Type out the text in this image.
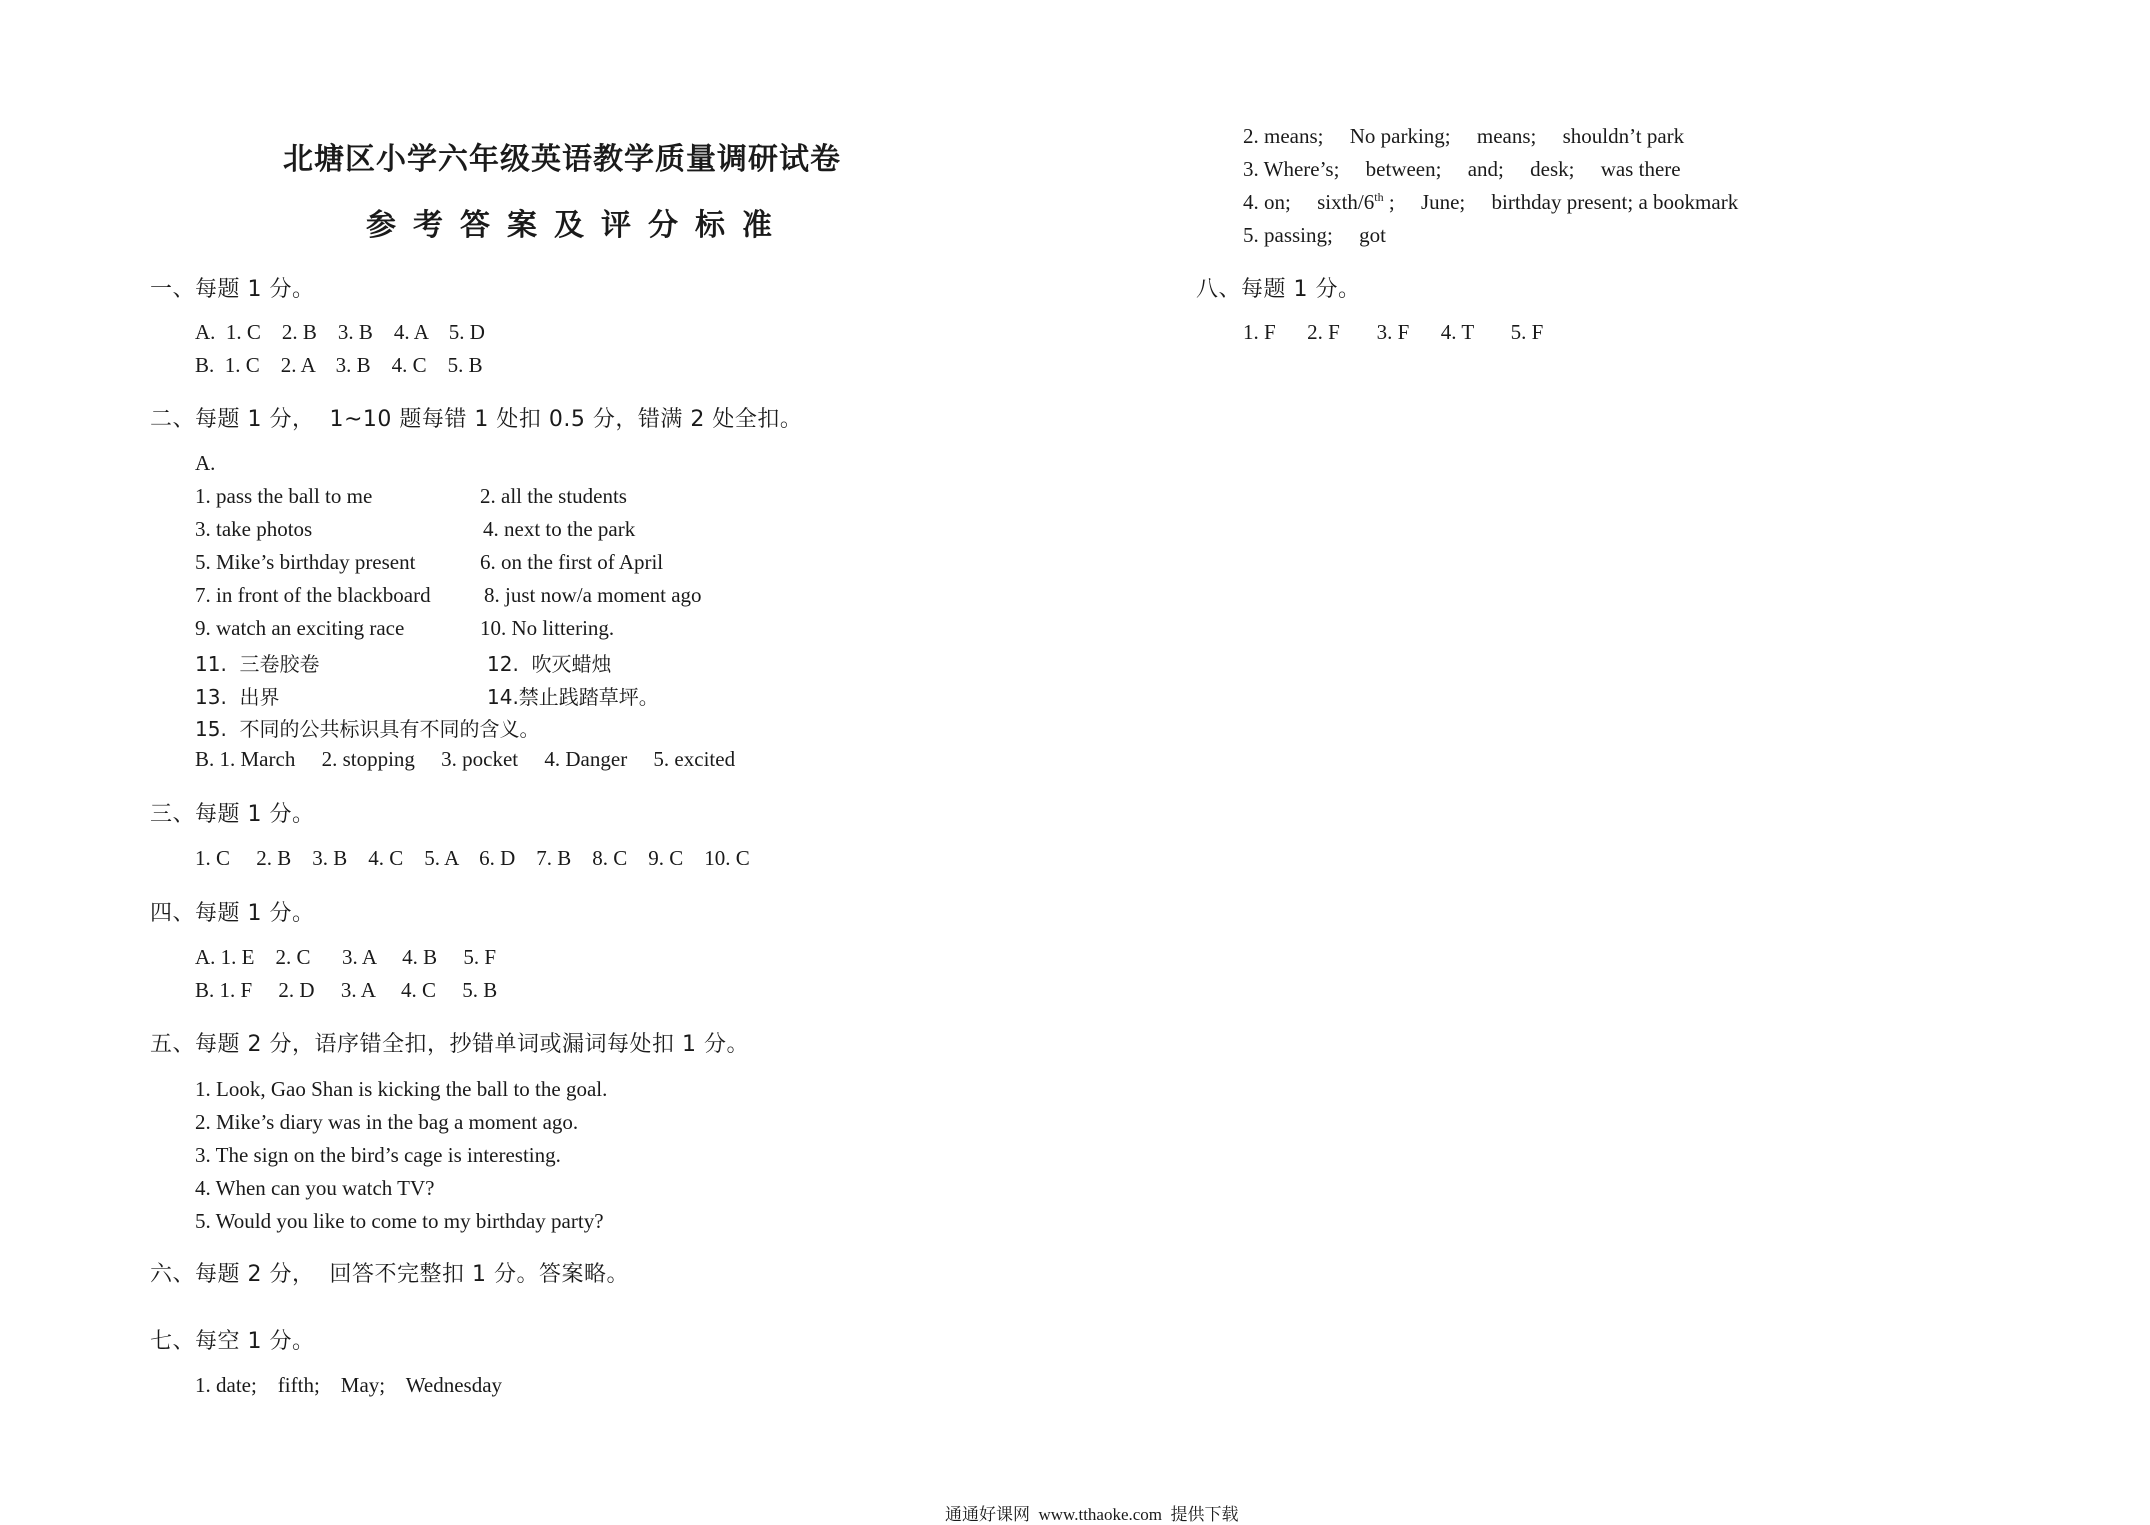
北塘区小学六年级英语教学质量调研试卷
参考答案及评分标准
一、每题 1 分。
A.  1. C    2. B    3. B    4. A    5. D
B.  1. C    2. A    3. B    4. C    5. B
二、每题 1 分，  1~10 题每错 1 处扣 0.5 分，错满 2 处全扣。
A.
1. pass the ball to me	2. all the students
3. take photos	4. next to the park
5. Mike’s birthday present	6. on the first of April
7. in front of the blackboard	8. just now/a moment ago
9. watch an exciting race	10. No littering.
11.  三卷胶卷	12.  吹灭蜡烛
13.  出界	14.禁止践踏草坪。
15.  不同的公共标识具有不同的含义。
B. 1. March     2. stopping     3. pocket     4. Danger     5. excited
三、每题 1 分。
1. C     2. B    3. B    4. C    5. A    6. D    7. B    8. C    9. C    10. C
四、每题 1 分。
A. 1. E    2. C      3. A     4. B     5. F
B. 1. F     2. D     3. A     4. C     5. B
五、每题 2 分，语序错全扣，抄错单词或漏词每处扣 1 分。
1. Look, Gao Shan is kicking the ball to the goal.
2. Mike’s diary was in the bag a moment ago.
3. The sign on the bird’s cage is interesting.
4. When can you watch TV?
5. Would you like to come to my birthday party?
六、每题 2 分，  回答不完整扣 1 分。答案略。
七、每空 1 分。
1. date;    fifth;    May;    Wednesday
2. means;     No parking;     means;     shouldn’t park
3. Where’s;     between;     and;     desk;     was there
4. on;     sixth/6th ;     June;     birthday present; a bookmark
5. passing;     got
八、每题 1 分。
1. F      2. F       3. F      4. T       5. F
通通好课网  www.tthaoke.com  提供下载
